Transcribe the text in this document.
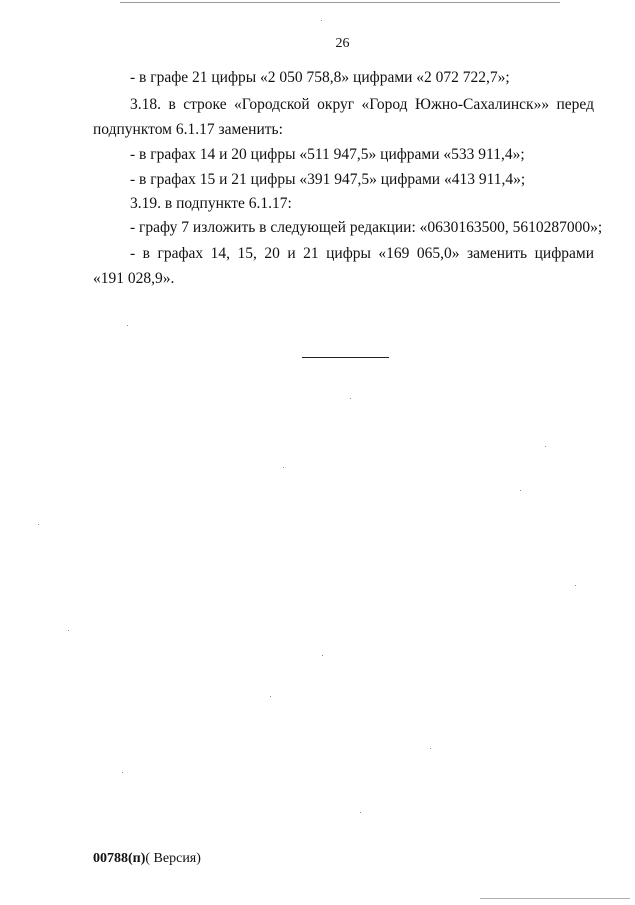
26
- в графе 21 цифры «2 050 758,8» цифрами «2 072 722,7»;
3.18. в строке «Городской округ «Город Южно-Сахалинск»» перед
подпунктом 6.1.17 заменить:
- в графах 14 и 20 цифры «511 947,5» цифрами «533 911,4»;
- в графах 15 и 21 цифры «391 947,5» цифрами «413 911,4»;
3.19. в подпункте 6.1.17:
- графу 7 изложить в следующей редакции: «0630163500, 5610287000»;
- в графах 14, 15, 20 и 21 цифры «169 065,0» заменить цифрами
«191 028,9».
00788(п)( Версия)
